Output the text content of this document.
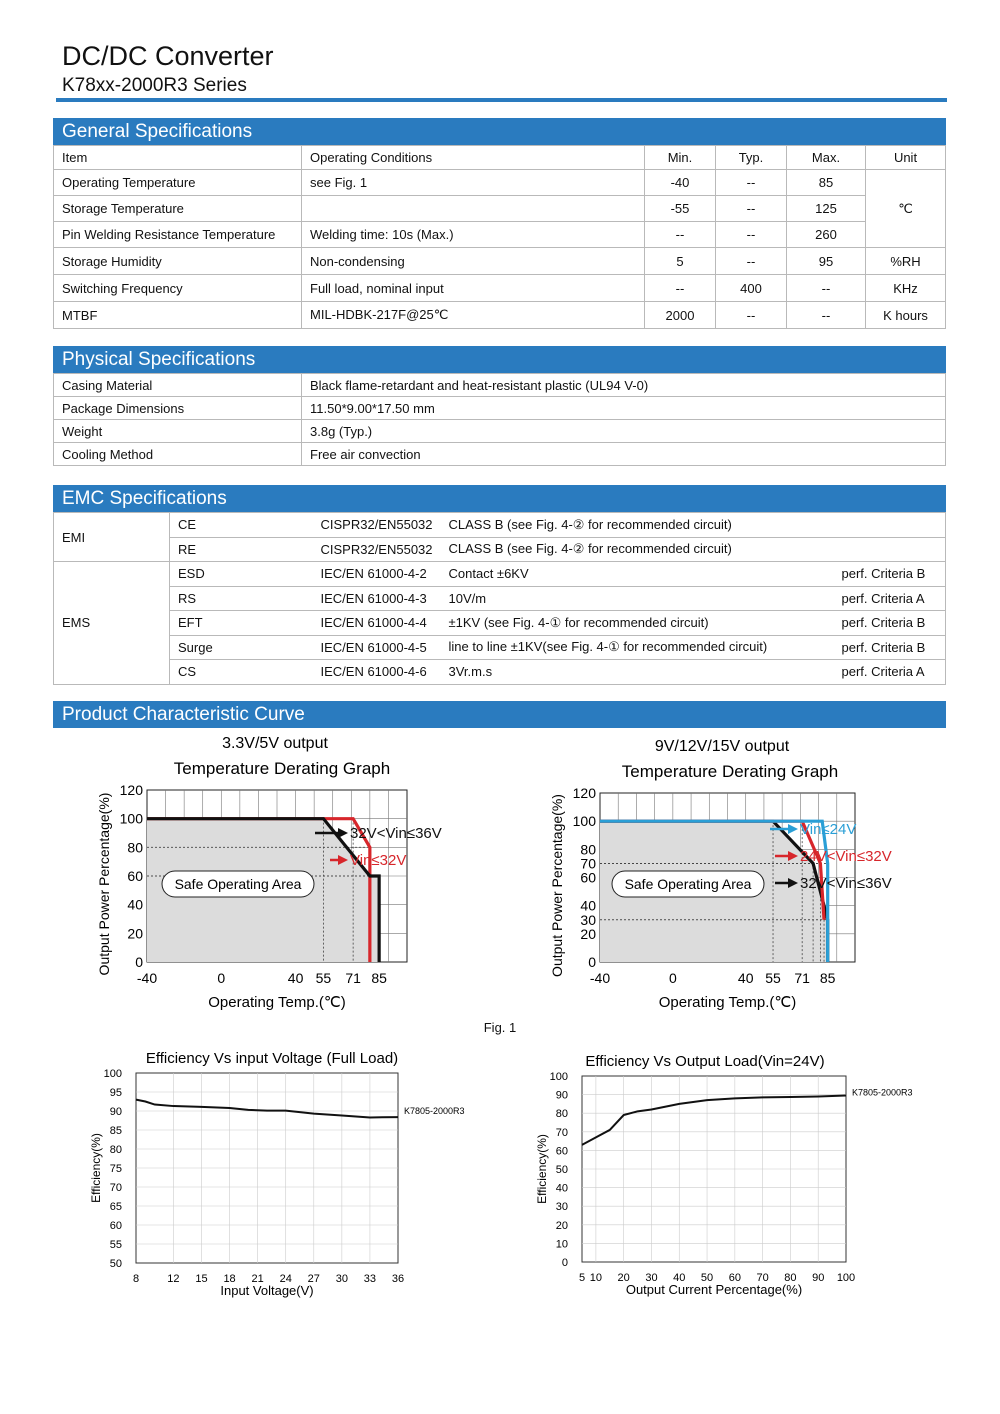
DC/DC Converter
K78xx-2000R3 Series
General Specifications
Item	Operating Conditions	Min.	Typ.	Max.	Unit
Operating Temperature	see Fig. 1	-40	--	85	℃
Storage Temperature		-55	--	125	
Pin Welding Resistance Temperature	Welding time: 10s (Max.)	--	--	260	
Storage Humidity	Non-condensing	5	--	95	%RH
Switching Frequency	Full load, nominal input	--	400	--	KHz
MTBF	MIL-HDBK-217F@25℃	2000	--	--	K hours
Physical Specifications
Casing Material	Black flame-retardant and heat-resistant plastic (UL94 V-0)
Package Dimensions	11.50*9.00*17.50 mm
Weight	3.8g (Typ.)
Cooling Method	Free air convection
EMC Specifications
EMI	CE	CISPR32/EN55032	CLASS B (see Fig. 4-② for recommended circuit)	
	RE	CISPR32/EN55032	CLASS B (see Fig. 4-② for recommended circuit)	
EMS	ESD	IEC/EN 61000-4-2	Contact ±6KV	perf. Criteria B
	RS	IEC/EN 61000-4-3	10V/m	perf. Criteria A
	EFT	IEC/EN 61000-4-4	±1KV (see Fig. 4-① for recommended circuit)	perf. Criteria B
	Surge	IEC/EN 61000-4-5	line to line ±1KV(see Fig. 4-① for recommended circuit)	perf. Criteria B
	CS	IEC/EN 61000-4-6	3Vr.m.s	perf. Criteria A
Product Characteristic Curve
3.3V/5V output
Temperature Derating Graph
0
20
40
60
80
100
120
-40	0	40 55 71 85
Operating Temp.(℃)
Output Power Percentage(%)	Safe Operating Area
32V<Vin≤36V
Vin≤32V
9V/12V/15V output
Temperature Derating Graph
0
20
30
40
60
70
80
100
120
-40	0	40 55 71 85
Operating Temp.(℃)
Output Power Percentage(%)	Safe Operating Area
Vin≤24V
24V<Vin≤32V
32V<Vin≤36V
Efficiency Vs input Voltage (Full Load)
K7805-2000R3
50
55
60
65
70
75
80
85
90
95
100
8	12 15 18 21 24 27 30 33 36
Input Voltage(V)
Efficiency(%)
Efficiency Vs Output Load(Vin=24V)
K7805-2000R3
0
10
20
30
40
50
60
70
80
90
100
5 10 20 30 40 50 60 70 80 90 100
Output Current Percentage(%)
Efficiency(%)
Fig. 1
